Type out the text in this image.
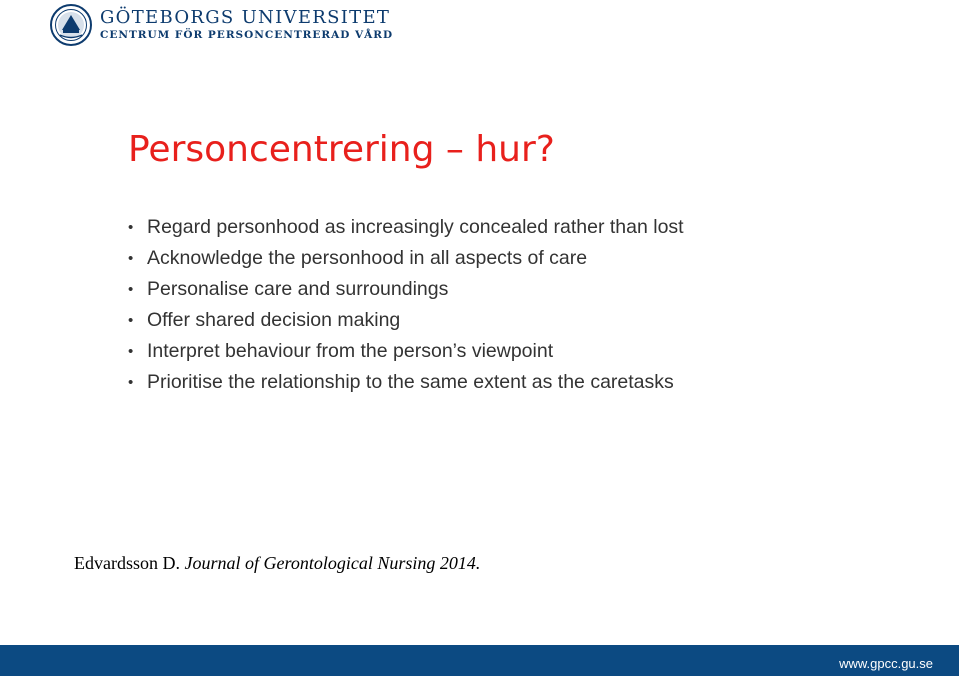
GÖTEBORGS UNIVERSITET
CENTRUM FÖR PERSONCENTRERAD VÅRD
Personcentrering – hur?
• Regard personhood as increasingly concealed rather than lost
• Acknowledge the personhood in all aspects of care
• Personalise care and surroundings
• Offer shared decision making
• Interpret behaviour from the person’s viewpoint
• Prioritise the relationship to the same extent as the caretasks
Edvardsson D. Journal of Gerontological Nursing 2014.
www.gpcc.gu.se
